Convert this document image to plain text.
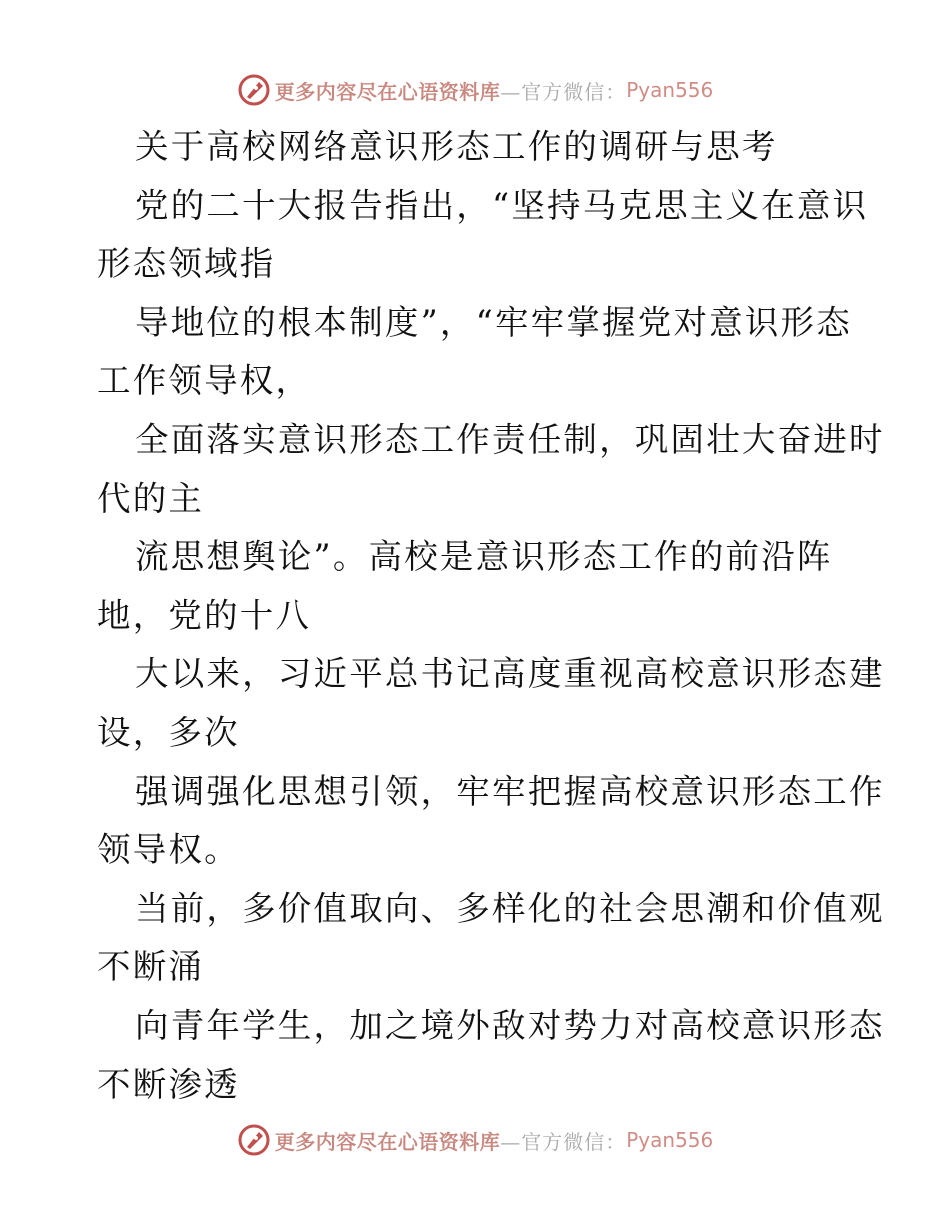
更多内容尽在心语资料库 —官方微信： Pyan556
关于高校网络意识形态工作的调研与思考
党的二十大报告指出，“坚持马克思主义在意识
形态领域指
导地位的根本制度”，“牢牢掌握党对意识形态
工作领导权，
全面落实意识形态工作责任制，巩固壮大奋进时
代的主
流思想舆论”。高校是意识形态工作的前沿阵
地，党的十八
大以来，习近平总书记高度重视高校意识形态建
设，多次
强调强化思想引领，牢牢把握高校意识形态工作
领导权。
当前，多价值取向、多样化的社会思潮和价值观
不断涌
向青年学生，加之境外敌对势力对高校意识形态
不断渗透
更多内容尽在心语资料库 —官方微信： Pyan556
